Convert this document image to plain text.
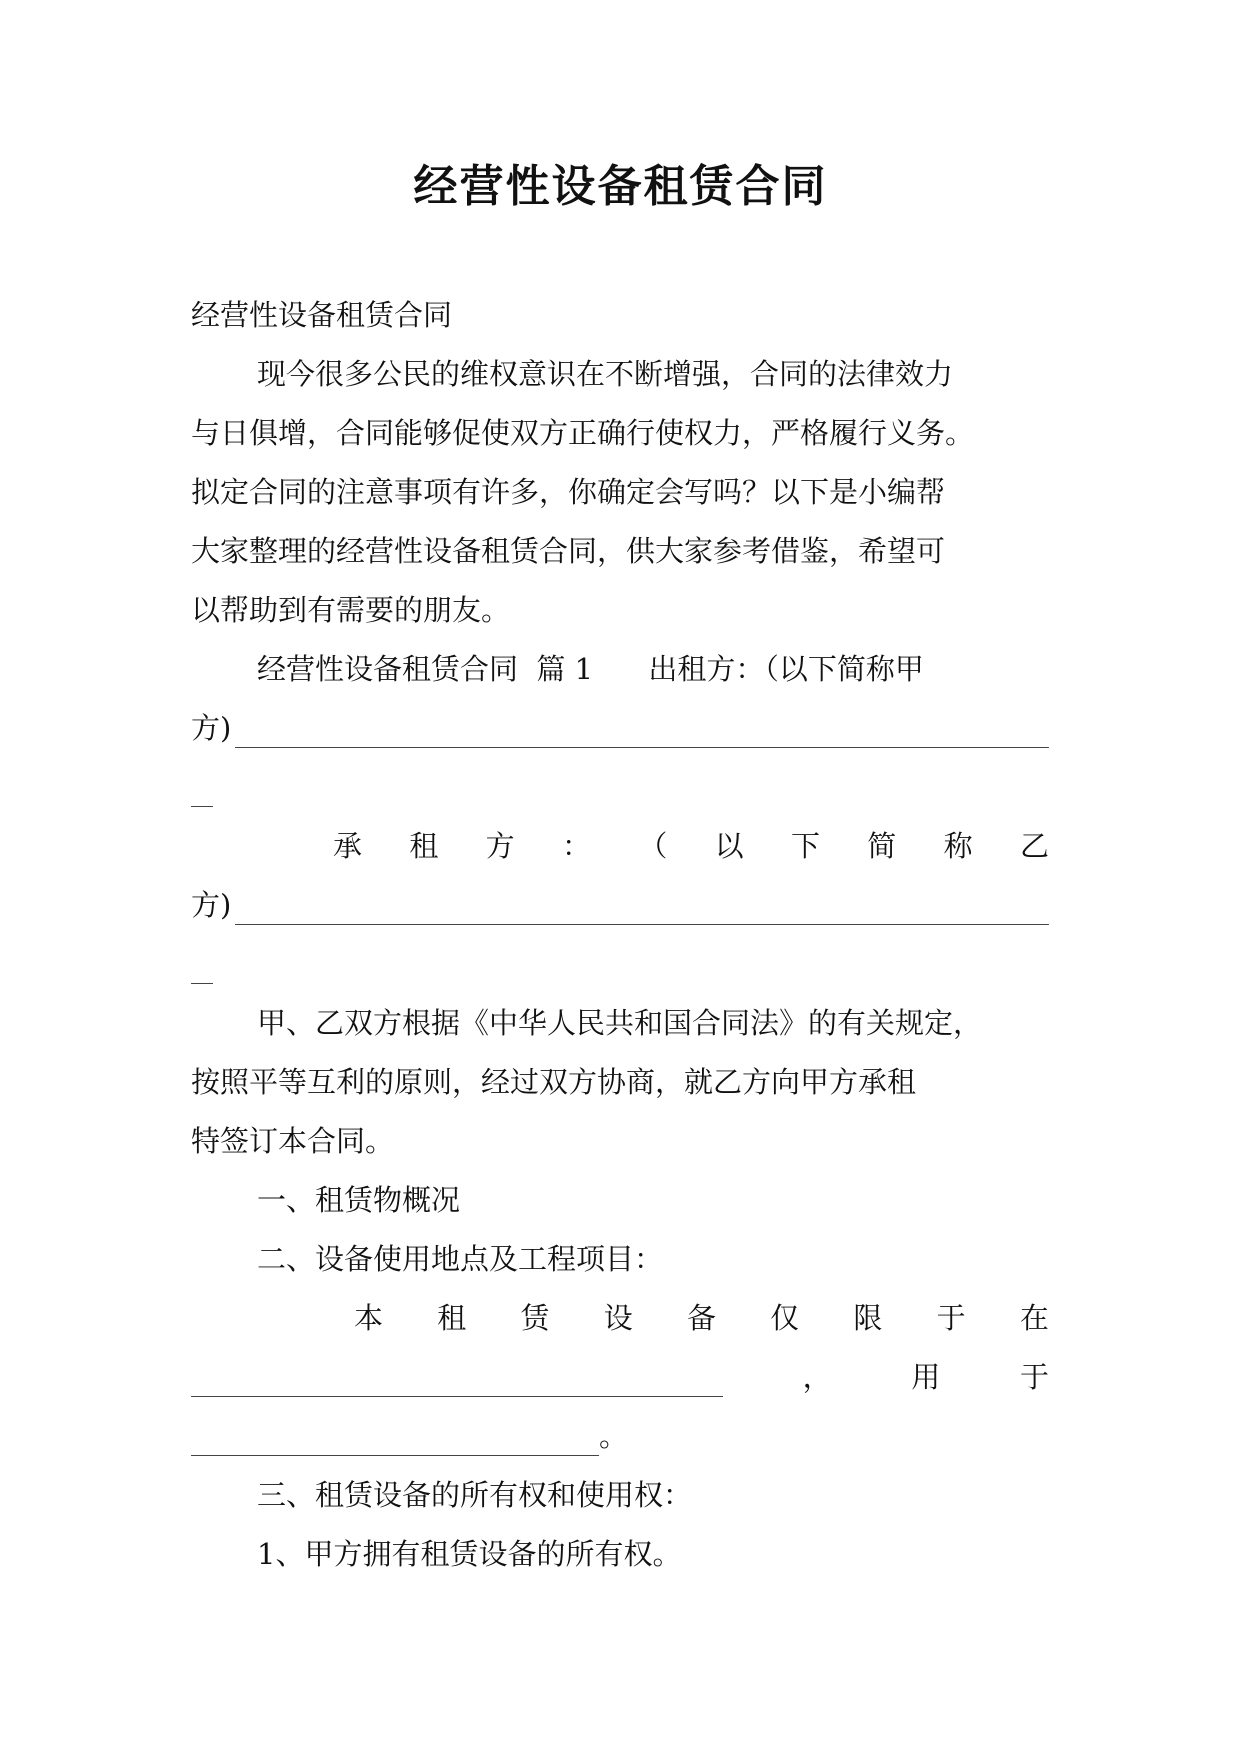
经营性设备租赁合同
经营性设备租赁合同
现今很多公民的维权意识在不断增强，合同的法律效力
与日俱增，合同能够促使双方正确行使权力，严格履行义务。
拟定合同的注意事项有许多，你确定会写吗？以下是小编帮
大家整理的经营性设备租赁合同，供大家参考借鉴，希望可
以帮助到有需要的朋友。
经营性设备租赁合同  篇 1      出租方：（以下简称甲
方)
承 租 方 ： （ 以 下 简 称 乙
方)
甲、乙双方根据《中华人民共和国合同法》的有关规定，
按照平等互利的原则，经过双方协商，就乙方向甲方承租
特签订本合同。
一、租赁物概况
二、设备使用地点及工程项目：
本 租 赁 设 备 仅 限 于 在
，	用	于
。
三、租赁设备的所有权和使用权：
1、甲方拥有租赁设备的所有权。
